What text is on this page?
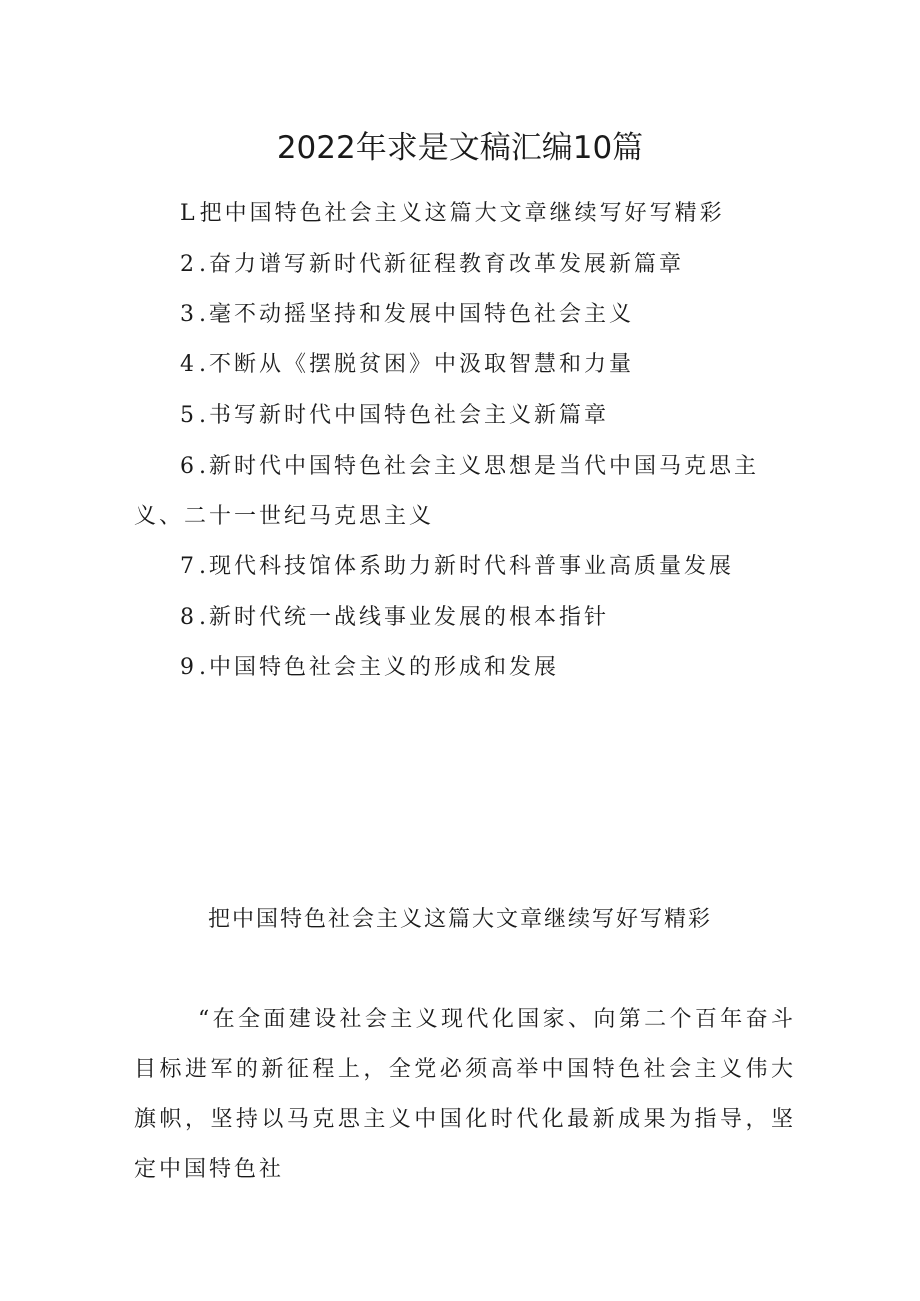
2022年求是文稿汇编10篇
L把中国特色社会主义这篇大文章继续写好写精彩
2.奋力谱写新时代新征程教育改革发展新篇章
3.毫不动摇坚持和发展中国特色社会主义
4.不断从《摆脱贫困》中汲取智慧和力量
5.书写新时代中国特色社会主义新篇章
6.新时代中国特色社会主义思想是当代中国马克思主义、二十一世纪马克思主义
7.现代科技馆体系助力新时代科普事业高质量发展
8.新时代统一战线事业发展的根本指针
9.中国特色社会主义的形成和发展
把中国特色社会主义这篇大文章继续写好写精彩
“在全面建设社会主义现代化国家、向第二个百年奋斗目标进军的新征程上，全党必须高举中国特色社会主义伟大旗帜，坚持以马克思主义中国化时代化最新成果为指导，坚定中国特色社
